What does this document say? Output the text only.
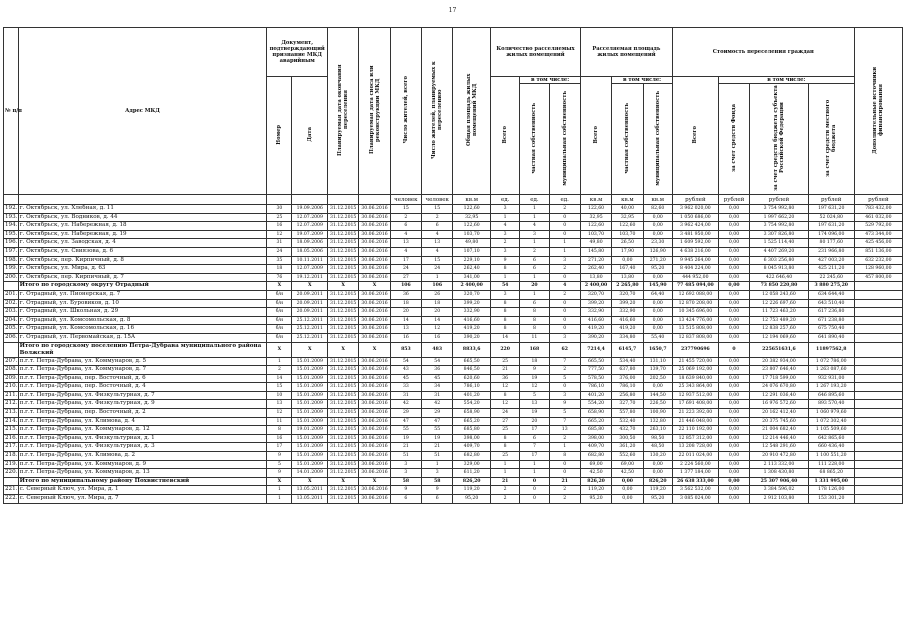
17
№ п/п	Адрес МКД	Документ, подтверждающий признание МКД аварийным		Планируемая дата окончания переселения	Планируемая дата сноса или реконструкции МКД	Число жителей, всего	Число жителей, планируемых к переселению	Общая площадь жилых помещений МКД	Количество расселяемых жилых помещений			Расселяемая площадь жилых помещений			Стоимость переселения граждан				Дополнительные источники финансирования
		Номер	Дата						Всего	в том числе:		Всего	в том числе:		Всего	в том числе:			
										частная собственность	муниципальная собственность		частная собственность	муниципальная собственность		за счет средств Фонда	за счет средств бюджета субъекта Российской Федерации	за счет средств местного бюджета	
						человек	человек	кв.м	ед.	ед.	ед.	кв.м	кв.м	кв.м	рублей	рублей	рублей	рублей	рублей
192.	г. Октябрьск, ул. Хлебная, д. 11	30	19.09.2006	31.12.2015	30.06.2016	15	15	122,60	3	1	2	122,60	40,00	82,60	3 962 020,00	0,00	3 754 992,80	197 631,20	783 432,00
193.	г. Октябрьск, ул. Водников, д. 44	25	12.07.2009	31.12.2015	30.06.2016	2	2	32,95	1	1	0	32,95	32,95	0,00	1 050 686,00	0,00	1 997 662,20	52 024,80	461 032,00
194.	г. Октябрьск, ул. Набережная, д. 18	16	12.07.2009	31.12.2015	30.06.2016	6	6	122,60	4	4	0	122,60	122,60	0,00	3 962 424,00	0,00	3 754 992,80	197 631,20	529 792,00
195.	г. Октябрьск, ул. Набережная, д. 19	12	19.07.2009	31.12.2015	30.06.2016	4	4	103,70	3	3	0	103,70	103,70	0,00	3 481 950,00	0,00	3 307 826,80	174 096,00	473 344,00
196.	г. Октябрьск, ул. Заводская, д. 4	31	18.09.2006	31.12.2015	30.06.2016	13	13	49,80	2	1	1	49,80	26,50	23,30	1 609 592,00	0,00	1 525 114,40	80 177,60	425 456,00
197.	г. Октябрьск, ул. Свиязова, д. 6	24	18.05.2006	31.12.2015	30.06.2016	4	4	107,10	3	2	1	145,80	17,90	126,90	4 638 216,00	0,00	4 407 269,20	231 966,80	851 136,00
198.	г. Октябрьск, пер. Кирпичный, д. 8	35	10.11.2011	31.12.2015	30.06.2016	17	15	229,10	9	6	3	271,20	0,00	271,20	9 945 264,00	0,00	6 303 256,80	427 003,20	632 232,00
199.	г. Октябрьск, ул. Мира, д. 63	18	12.07.2009	31.12.2015	30.06.2016	24	24	262,40	8	6	2	262,40	167,40	95,20	8 404 224,00	0,00	8 045 913,80	425 211,20	128 960,00
200.	г. Октябрьск, пер. Кирпичный, д. 7	76	19.12.2011	31.12.2015	30.06.2016	27	1	341,00	1	1	0	13,80	13,80	0,00	444 952,00	0,00	422 646,40	22 245,60	457 800,00
	Итого по городскому округу Отрадный	X	X	X	X	106	106	2 400,00	54	20	4	2 400,00	2 265,80	145,90	77 485 094,00	0,00	73 850 220,80	3 880 275,20	
201.	г. Отрадный, ул. Пионерская, д. 7	б/н	20.09.2011	31.12.2015	30.06.2016	36	26	320,70	3	1	2	320,70	320,70	64,40	12 692 088,00	0,00	12 058 243,60	634 644,40	
202.	г. Отрадный, ул. Буровиков, д. 10	б/н	20.09.2011	31.12.2015	30.06.2016	18	18	399,20	8	6	0	399,20	399,20	0,00	12 870 208,00	0,00	12 226 697,60	643 510,40	
203.	г. Отрадный, ул. Школьная, д. 29	б/н	20.09.2011	31.12.2015	30.06.2016	20	20	332,90	8	8	0	332,90	332,90	0,00	10 345 696,00	0,00	11 723 463,20	617 236,80	
204.	г. Отрадный, ул. Комсомольская, д. 8	б/н	25.12.2011	31.12.2015	30.06.2016	14	14	416,60	8	8	0	416,60	416,60	0,00	13 424 776,00	0,00	12 753 489,20	671 238,80	
205.	г. Отрадный, ул. Комсомольская, д. 16	б/н	25.12.2011	31.12.2015	30.06.2016	13	12	419,20	8	8	0	419,20	419,20	0,00	13 515 808,00	0,00	12 838 257,60	675 750,40	
206.	г. Отрадный, ул. Первомайская, д. 15А	б/н	25.12.2011	31.12.2015	30.06.2016	16	16	390,20	14	11	3	390,20	334,80	55,40	12 837 808,00	0,00	12 194 069,60	641 890,40	
	Итого по городскому поселению Петра-Дубрава муниципального района Волжский	X	X	X	X	853	483	8833,6	220	168	62	7214,4	6145,7	1650,7	237790696	0	225651631,6	11897562,8	
207.	п.г.т. Петра-Дубрава, ул. Коммунаров, д. 5	1	15.01.2009	31.12.2015	30.06.2016	54	54	665,50	25	18	7	665,50	534,40	131,10	21 455 720,00	0,00	20 382 934,00	1 072 786,00	
208.	п.г.т. Петра-Дубрава, ул. Коммунаров, д. 7	2	15.01.2009	31.12.2015	30.06.2016	43	36	846,50	21	9	2	777,50	637,80	139,70	25 069 192,00	0,00	23 807 646,40	1 263 087,60	
209.	п.г.т. Петра-Дубрава, пер. Восточный, д. 6	14	15.01.2009	31.12.2015	30.06.2016	45	45	620,60	36	19	5	578,50	376,00	202,50	18 639 840,00	0,00	17 718 599,00	932 931,00	
210.	п.г.т. Петра-Дубрава, пер. Восточный, д. 4	15	15.01.2009	31.12.2015	30.06.2016	33	34	786,10	12	12	0	786,10	786,10	0,00	25 343 864,00	0,00	24 076 670,80	1 267 193,20	
211.	п.г.т. Петра-Дубрава, ул. Физкультурная, д. 7	10	15.01.2009	31.12.2015	30.06.2016	31	31	401,20	8	5	3	401,20	256,80	144,50	12 937 512,00	0,00	12 291 036,40	646 895,60	
212.	п.г.т. Петра-Дубрава, ул. Физкультурная, д. 9	13	15.01.2009	31.12.2015	30.06.2016	42	42	554,20	12	13	9	554,20	327,70	226,50	17 691 408,00	0,00	16 976 572,60	893 570,40	
213.	п.г.т. Петра-Дубрава, пер. Восточный, д. 2	12	15.01.2009	31.12.2015	30.06.2016	29	29	658,90	24	19	5	658,90	557,80	100,90	21 223 392,00	0,00	20 162 412,40	1 060 979,60	
214.	п.г.т. Петра-Дубрава, ул. Климова, д. 4	11	15.01.2009	31.12.2015	30.06.2016	47	47	665,20	27	20	7	665,20	532,40	132,80	21 446 048,00	0,00	20 375 745,60	1 072 302,40	
215.	п.г.т. Петра-Дубрава, ул. Коммунаров, д. 12	8	19.01.2009	31.12.2015	30.06.2016	55	55	685,80	25	17	13	685,80	432,70	263,10	22 110 192,00	0,00	21 004 682,40	1 105 509,60	
216.	п.г.т. Петра-Дубрава, ул. Физкультурная, д. 1	16	15.01.2009	31.12.2015	30.06.2016	19	19	398,00	8	6	2	398,00	300,50	98,50	12 857 312,00	0,00	12 214 446,40	642 865,60	
217.	п.г.т. Петра-Дубрава, ул. Физкультурная, д. 3	17	15.01.2009	31.12.2015	30.06.2016	21	21	409,70	8	7	1	409,70	361,20	48,50	13 208 728,00	0,00	12 548 291,60	660 436,40	
218.	п.г.т. Петра-Дубрава, ул. Климова, д. 2	9	15.01.2009	31.12.2015	30.06.2016	51	51	682,80	25	17	8	682,80	552,60	130,20	22 011 024,00	0,00	20 910 472,80	1 100 551,20	
219.	п.г.т. Петра-Дубрава, ул. Коммунаров, д. 9	5	15.01.2009	31.12.2015	30.06.2016	3	1	329,00	1	1	0	69,00	69,00	0,00	2 224 560,00	0,00	2 113 332,00	111 228,00	
220.	п.г.т. Петра-Дубрава, ул. Коммунаров, д. 13	9	14.01.2009	31.12.2015	30.06.2016	3	3	611,20	1	1	0	42,50	42,50	0,00	1 377 184,00	0,00	1 308 430,80	68 865,20	
	Итого по муниципальному району Похвистневский	X	X	X	X	58	58	826,20	21	0	21	826,20	0,00	826,20	26 638 333,00	0,00	25 307 906,40	1 331 995,00	
221.	с. Северный Ключ, ул. Мира, д. 1	1	13.05.2011	31.12.2015	30.06.2016	9	9	119,20	2	0	2	119,20	0,00	119,20	3 562 532,00	0,00	3 384 596,02	178 126,00	
222.	с. Северный Ключ, ул. Мира, д. 7	1	13.05.2011	31.12.2015	30.06.2016	6	6	95,20	2	0	2	95,20	0,00	95,20	3 085 024,00	0,00	2 912 103,80	153 301,20	
